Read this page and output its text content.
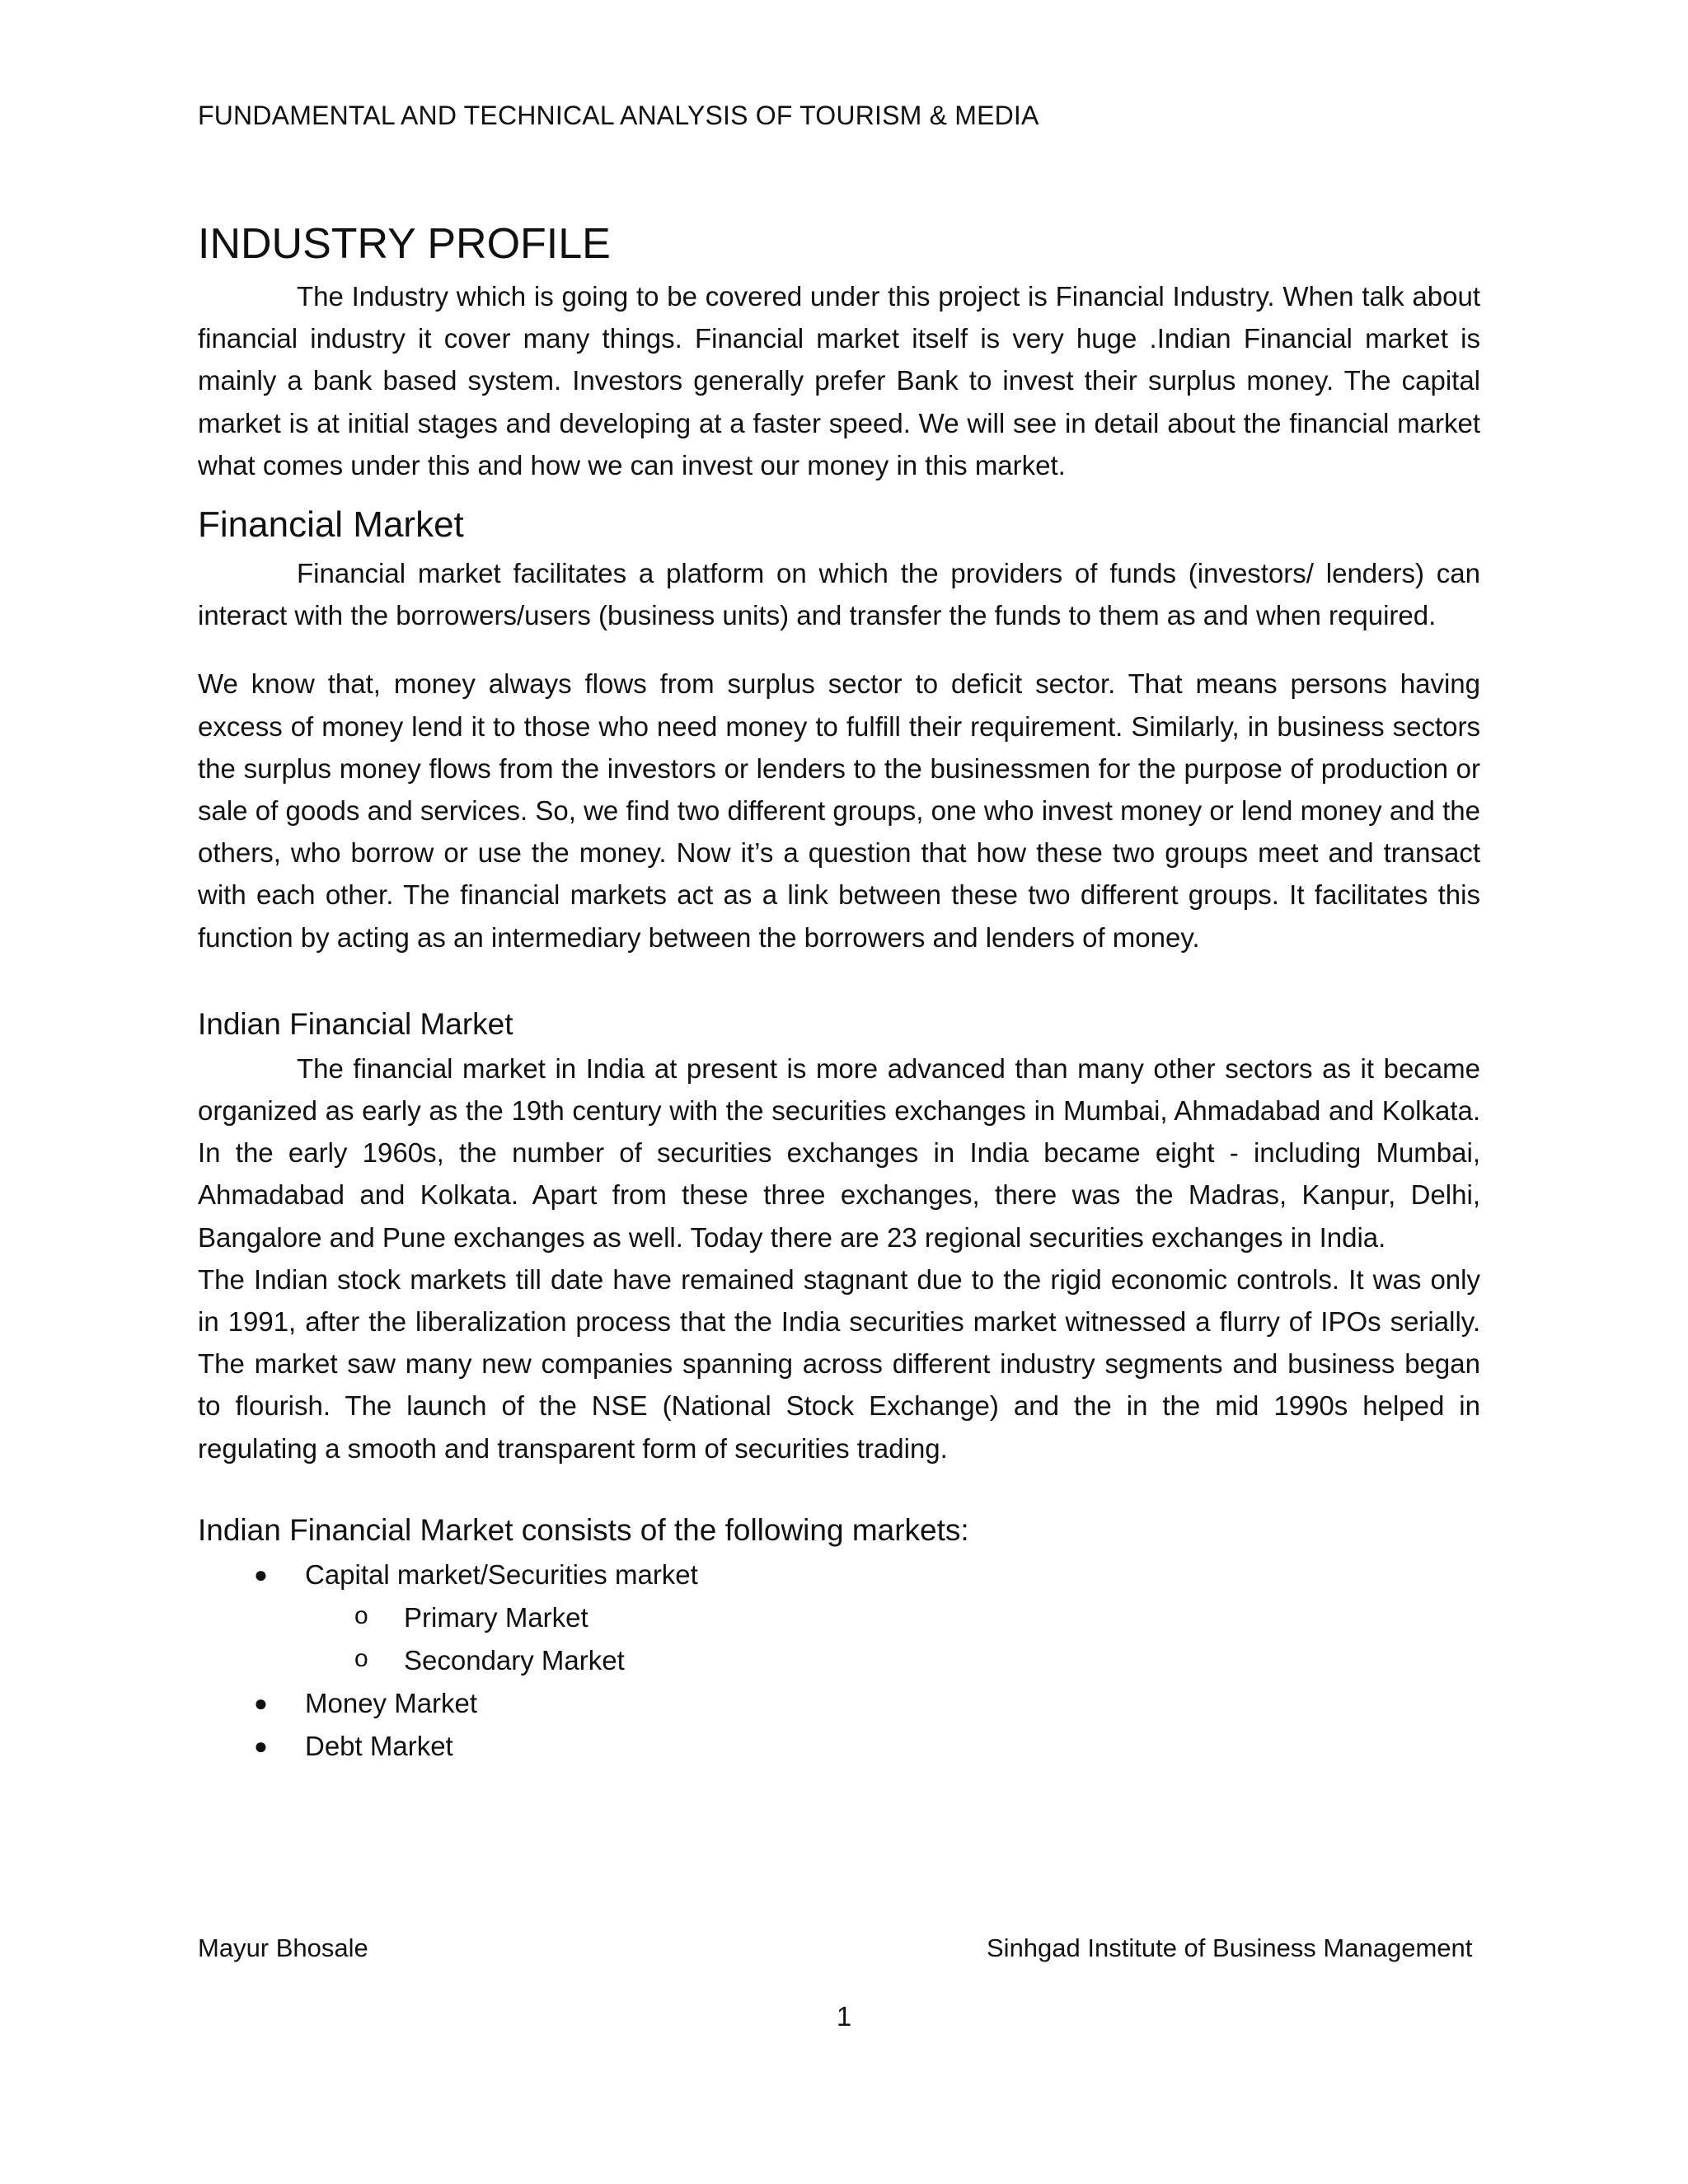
FUNDAMENTAL AND TECHNICAL ANALYSIS OF TOURISM & MEDIA
INDUSTRY PROFILE

The Industry which is going to be covered under this project is Financial Industry. When talk about financial industry it cover many things. Financial market itself is very huge .Indian Financial market is mainly a bank based system. Investors generally prefer Bank to invest their surplus money. The capital market is at initial stages and developing at a faster speed. We will see in detail about the financial market what comes under this and how we can invest our money in this market.

Financial Market

Financial market facilitates a platform on which the providers of funds (investors/ lenders) can interact with the borrowers/users (business units) and transfer the funds to them as and when required.

We know that, money always flows from surplus sector to deficit sector. That means persons having excess of money lend it to those who need money to fulfill their requirement. Similarly, in business sectors the surplus money flows from the investors or lenders to the businessmen for the purpose of production or sale of goods and services. So, we find two different groups, one who invest money or lend money and the others, who borrow or use the money. Now it’s a question that how these two groups meet and transact with each other. The financial markets act as a link between these two different groups. It facilitates this function by acting as an intermediary between the borrowers and lenders of money.

Indian Financial Market

The financial market in India at present is more advanced than many other sectors as it became organized as early as the 19th century with the securities exchanges in Mumbai, Ahmadabad and Kolkata. In the early 1960s, the number of securities exchanges in India became eight - including Mumbai, Ahmadabad and Kolkata. Apart from these three exchanges, there was the Madras, Kanpur, Delhi, Bangalore and Pune exchanges as well. Today there are 23 regional securities exchanges in India.

The Indian stock markets till date have remained stagnant due to the rigid economic controls. It was only in 1991, after the liberalization process that the India securities market witnessed a flurry of IPOs serially. The market saw many new companies spanning across different industry segments and business began to flourish. The launch of the NSE (National Stock Exchange) and the in the mid 1990s helped in regulating a smooth and transparent form of securities trading.

Indian Financial Market consists of the following markets:
● Capital market/Securities market
o Primary Market
o Secondary Market
● Money Market
● Debt Market
Mayur Bhosale	Sinhgad Institute of Business Management
1
